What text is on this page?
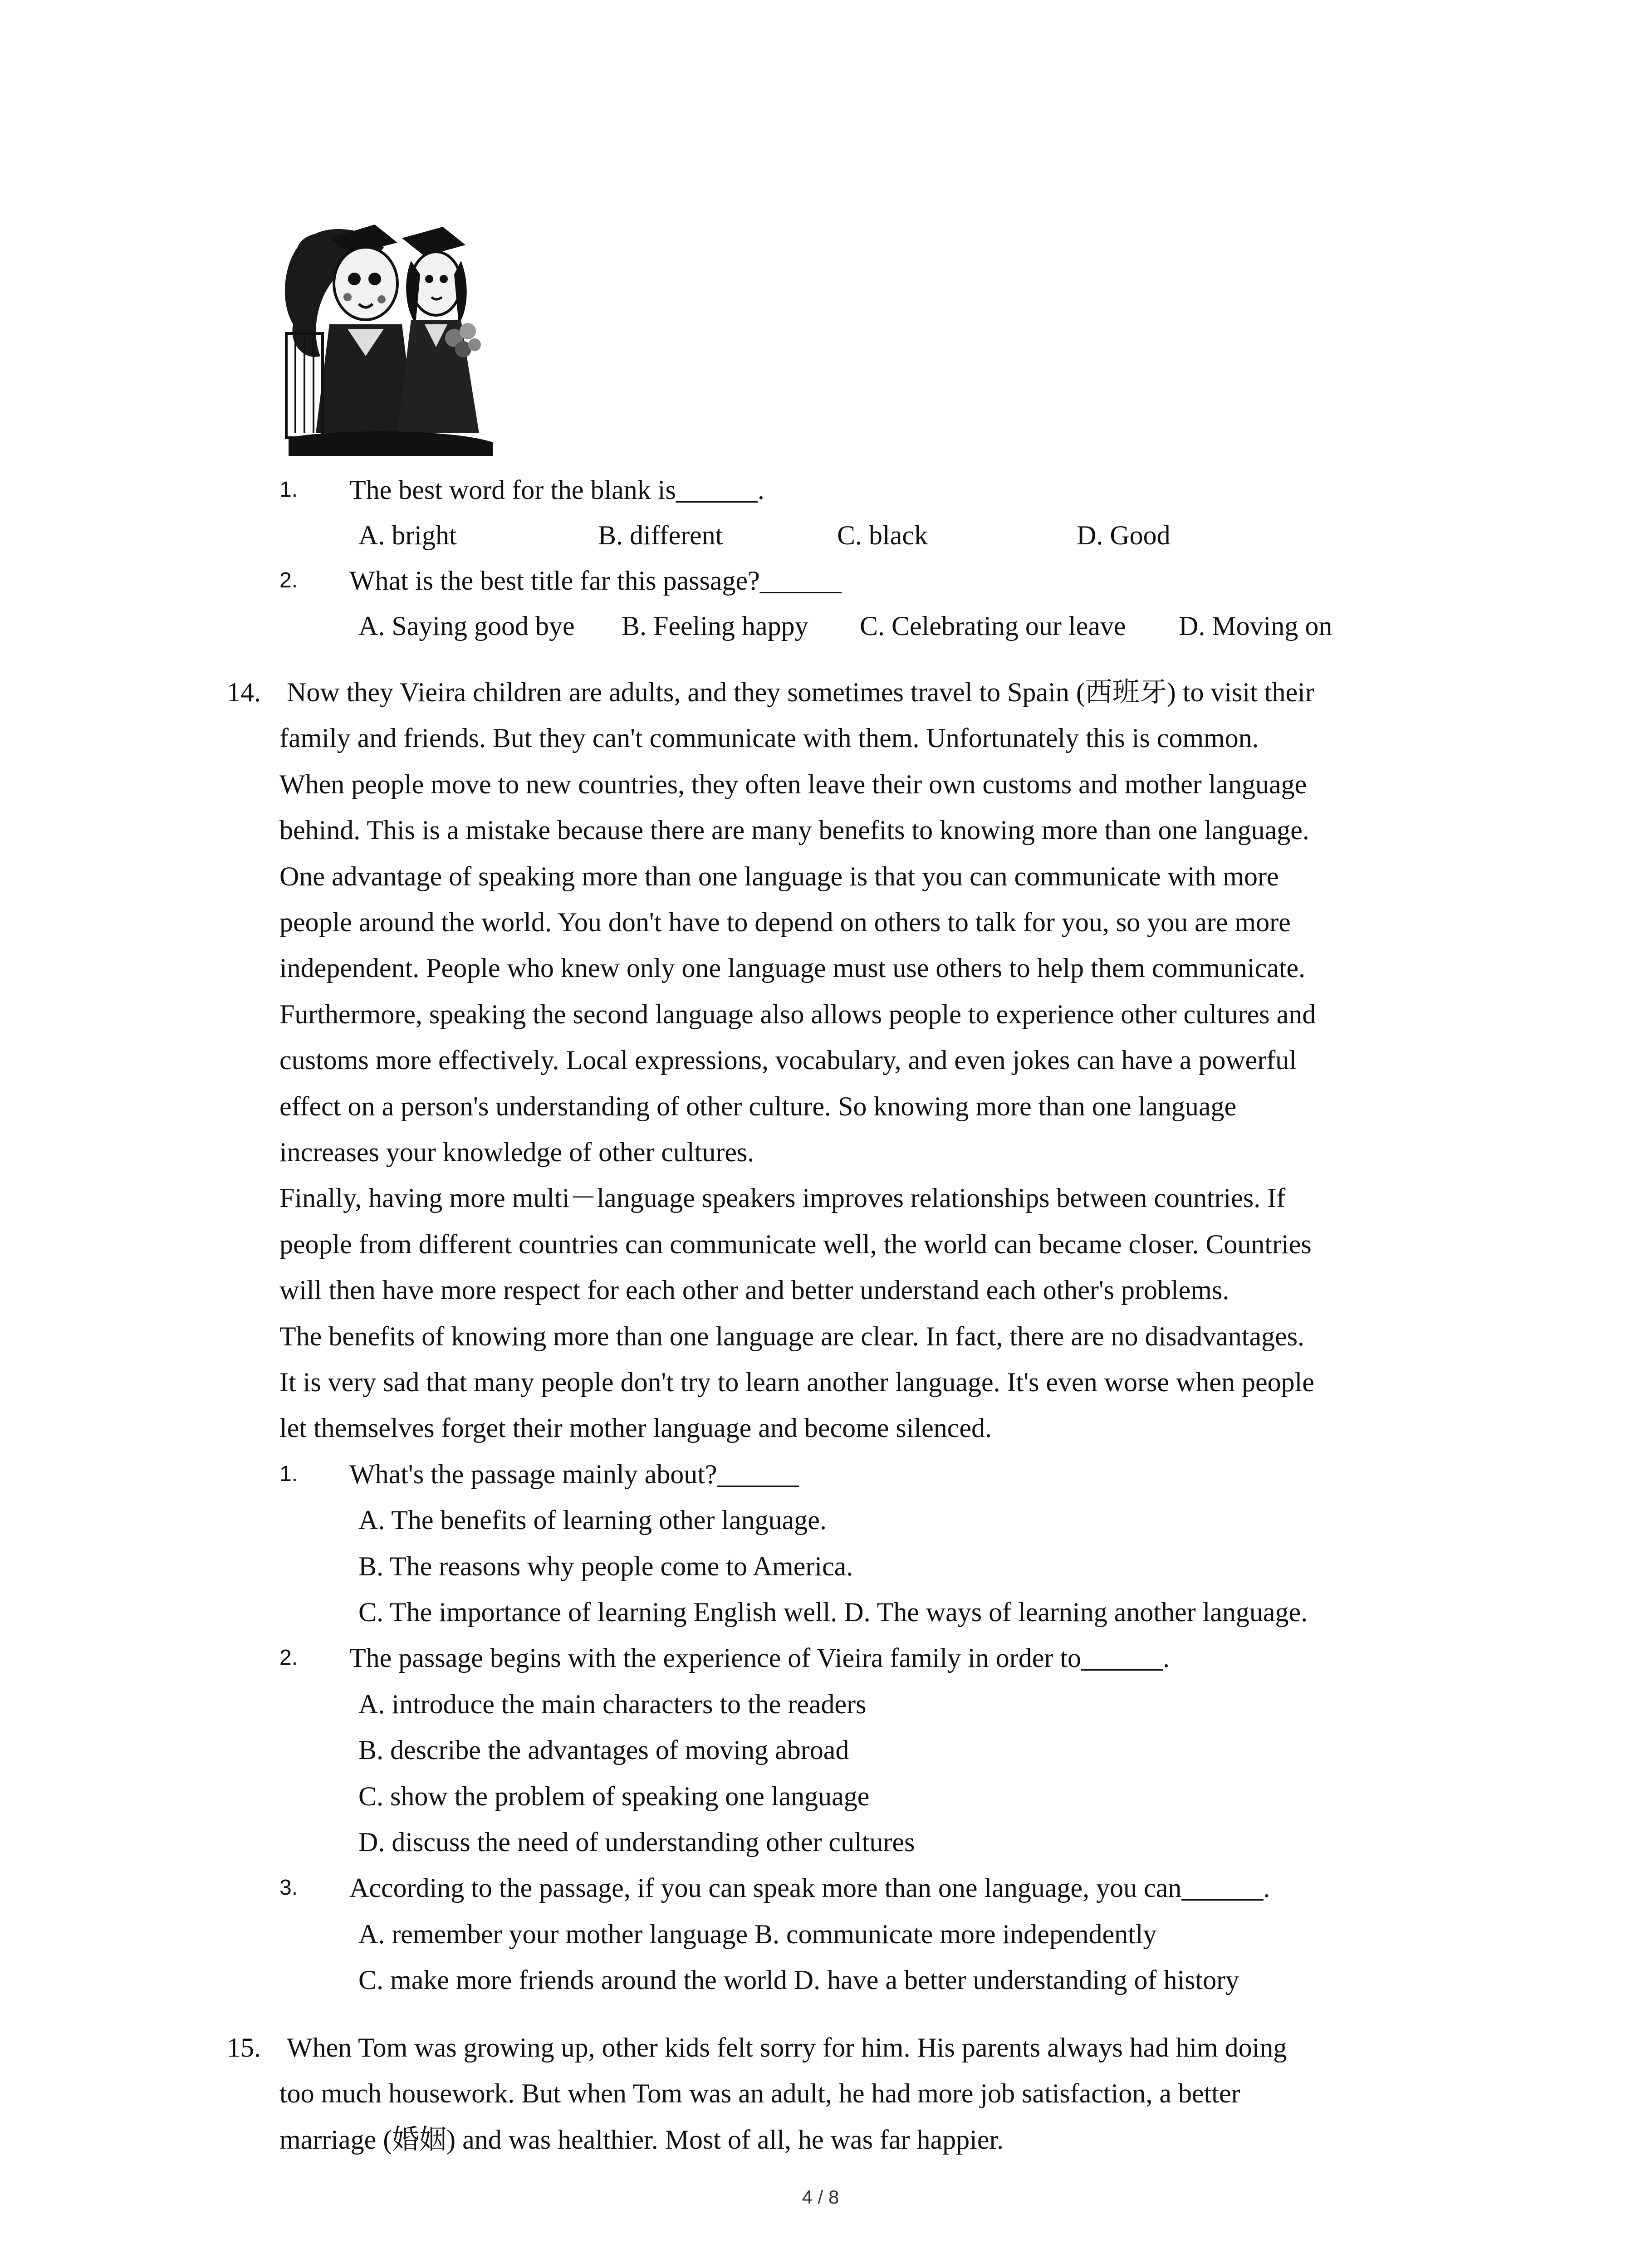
1. The best word for the blank is______.
A. bright	B. different	C. black	D. Good
2. What is the best title far this passage?______
A. Saying good bye B. Feeling happy C. Celebrating our leave D. Moving on
14. Now they Vieira children are adults, and they sometimes travel to Spain (西班牙) to visit their
family and friends. But they can't communicate with them. Unfortunately this is common.
When people move to new countries, they often leave their own customs and mother language
behind. This is a mistake because there are many benefits to knowing more than one language.
One advantage of speaking more than one language is that you can communicate with more
people around the world. You don't have to depend on others to talk for you, so you are more
independent. People who knew only one language must use others to help them communicate.
Furthermore, speaking the second language also allows people to experience other cultures and
customs more effectively. Local expressions, vocabulary, and even jokes can have a powerful
effect on a person's understanding of other culture. So knowing more than one language
increases your knowledge of other cultures.
Finally, having more multi－language speakers improves relationships between countries. If
people from different countries can communicate well, the world can became closer. Countries
will then have more respect for each other and better understand each other's problems.
The benefits of knowing more than one language are clear. In fact, there are no disadvantages.
It is very sad that many people don't try to learn another language. It's even worse when people
let themselves forget their mother language and become silenced.
1. What's the passage mainly about?______
A. The benefits of learning other language.
B. The reasons why people come to America.
C. The importance of learning English well. D. The ways of learning another language.
2. The passage begins with the experience of Vieira family in order to______.
A. introduce the main characters to the readers
B. describe the advantages of moving abroad
C. show the problem of speaking one language
D. discuss the need of understanding other cultures
3. According to the passage, if you can speak more than one language, you can______.
A. remember your mother language B. communicate more independently
C. make more friends around the world D. have a better understanding of history
15. When Tom was growing up, other kids felt sorry for him. His parents always had him doing
too much housework. But when Tom was an adult, he had more job satisfaction, a better
marriage (婚姻) and was healthier. Most of all, he was far happier.
4 / 8
